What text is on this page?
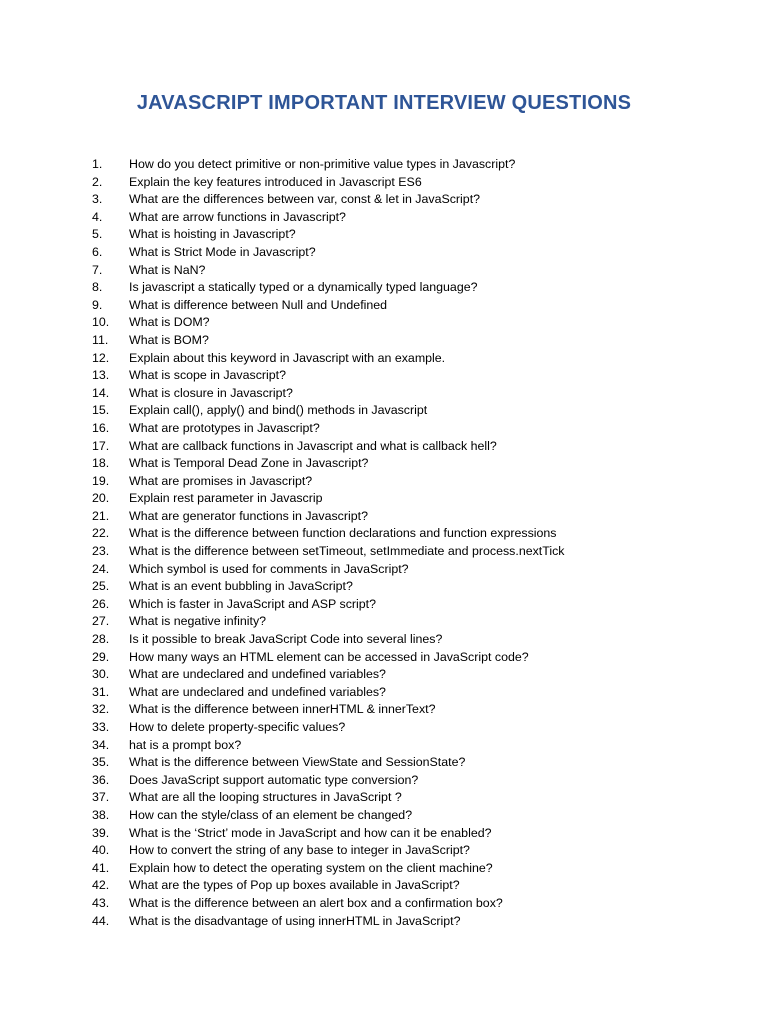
JAVASCRIPT IMPORTANT INTERVIEW QUESTIONS
1. How do you detect primitive or non-primitive value types in Javascript?
2. Explain the key features introduced in Javascript ES6
3. What are the differences between var, const & let in JavaScript?
4. What are arrow functions in Javascript?
5. What is hoisting in Javascript?
6. What is Strict Mode in Javascript?
7. What is NaN?
8. Is javascript a statically typed or a dynamically typed language?
9. What is difference between Null and Undefined
10. What is DOM?
11. What is BOM?
12. Explain about this keyword in Javascript with an example.
13. What is scope in Javascript?
14. What is closure in Javascript?
15. Explain call(), apply() and bind() methods in Javascript
16. What are prototypes in Javascript?
17. What are callback functions in Javascript and what is callback hell?
18. What is Temporal Dead Zone in Javascript?
19. What are promises in Javascript?
20. Explain rest parameter in Javascrip
21. What are generator functions in Javascript?
22. What is the difference between function declarations and function expressions
23. What is the difference between setTimeout, setImmediate and process.nextTick
24. Which symbol is used for comments in JavaScript?
25. What is an event bubbling in JavaScript?
26. Which is faster in JavaScript and ASP script?
27. What is negative infinity?
28. Is it possible to break JavaScript Code into several lines?
29. How many ways an HTML element can be accessed in JavaScript code?
30. What are undeclared and undefined variables?
31. What are undeclared and undefined variables?
32. What is the difference between innerHTML & innerText?
33. How to delete property-specific values?
34. hat is a prompt box?
35. What is the difference between ViewState and SessionState?
36. Does JavaScript support automatic type conversion?
37. What are all the looping structures in JavaScript ?
38. How can the style/class of an element be changed?
39. What is the ‘Strict’ mode in JavaScript and how can it be enabled?
40. How to convert the string of any base to integer in JavaScript?
41. Explain how to detect the operating system on the client machine?
42. What are the types of Pop up boxes available in JavaScript?
43. What is the difference between an alert box and a confirmation box?
44. What is the disadvantage of using innerHTML in JavaScript?
